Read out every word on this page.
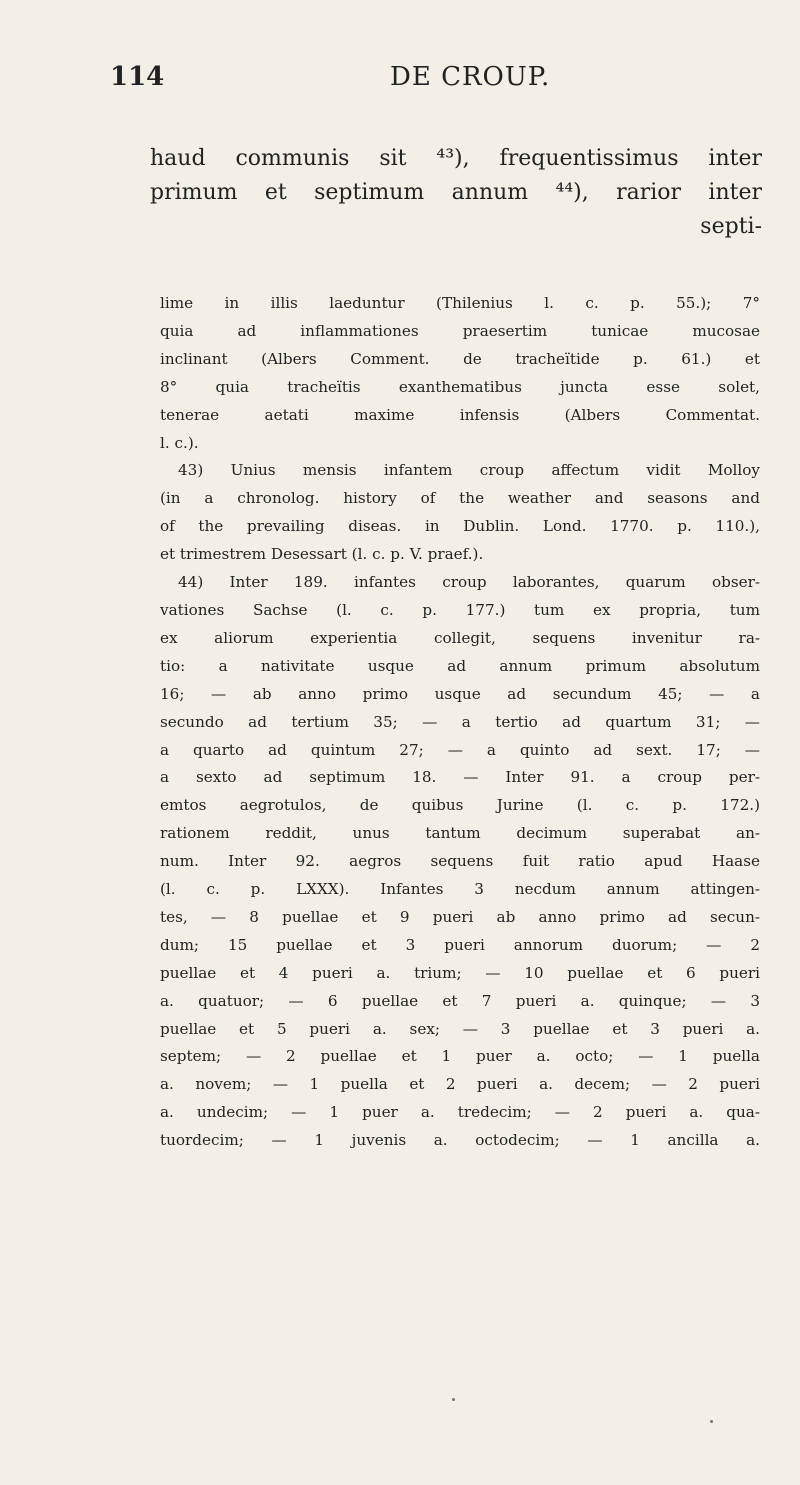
114	DE CROUP.
haud communis sit ⁴³), frequentissimus inter
primum et septimum annum ⁴⁴), rarior inter
septi-

lime in illis laeduntur (Thilenius l. c. p. 55.); 7°
quia ad inflammationes praesertim tunicae mucosae
inclinant (Albers Comment. de tracheïtide p. 61.) et
8° quia tracheïtis exanthematibus juncta esse solet,
tenerae aetati maxime infensis (Albers Commentat.
l. c.).

43) Unius mensis infantem croup affectum vidit Molloy
(in a chronolog. history of the weather and seasons and
of the prevailing diseas. in Dublin. Lond. 1770. p. 110.),
et trimestrem Desessart (l. c. p. V. praef.).

44) Inter 189. infantes croup laborantes, quarum obser-
vationes Sachse (l. c. p. 177.) tum ex propria, tum
ex aliorum experientia collegit, sequens invenitur ra-
tio: a nativitate usque ad annum primum absolutum
16; — ab anno primo usque ad secundum 45; — a
secundo ad tertium 35; — a tertio ad quartum 31; —
a quarto ad quintum 27; — a quinto ad sext. 17; —
a sexto ad septimum 18. — Inter 91. a croup per-
emtos aegrotulos, de quibus Jurine (l. c. p. 172.)
rationem reddit, unus tantum decimum superabat an-
num. Inter 92. aegros sequens fuit ratio apud Haase
(l. c. p. LXXX). Infantes 3 necdum annum attingen-
tes, — 8 puellae et 9 pueri ab anno primo ad secun-
dum; 15 puellae et 3 pueri annorum duorum; — 2
puellae et 4 pueri a. trium; — 10 puellae et 6 pueri
a. quatuor; — 6 puellae et 7 pueri a. quinque; — 3
puellae et 5 pueri a. sex; — 3 puellae et 3 pueri a.
septem; — 2 puellae et 1 puer a. octo; — 1 puella
a. novem; — 1 puella et 2 pueri a. decem; — 2 pueri
a. undecim; — 1 puer a. tredecim; — 2 pueri a. qua-
tuordecim; — 1 juvenis a. octodecim; — 1 ancilla a.
